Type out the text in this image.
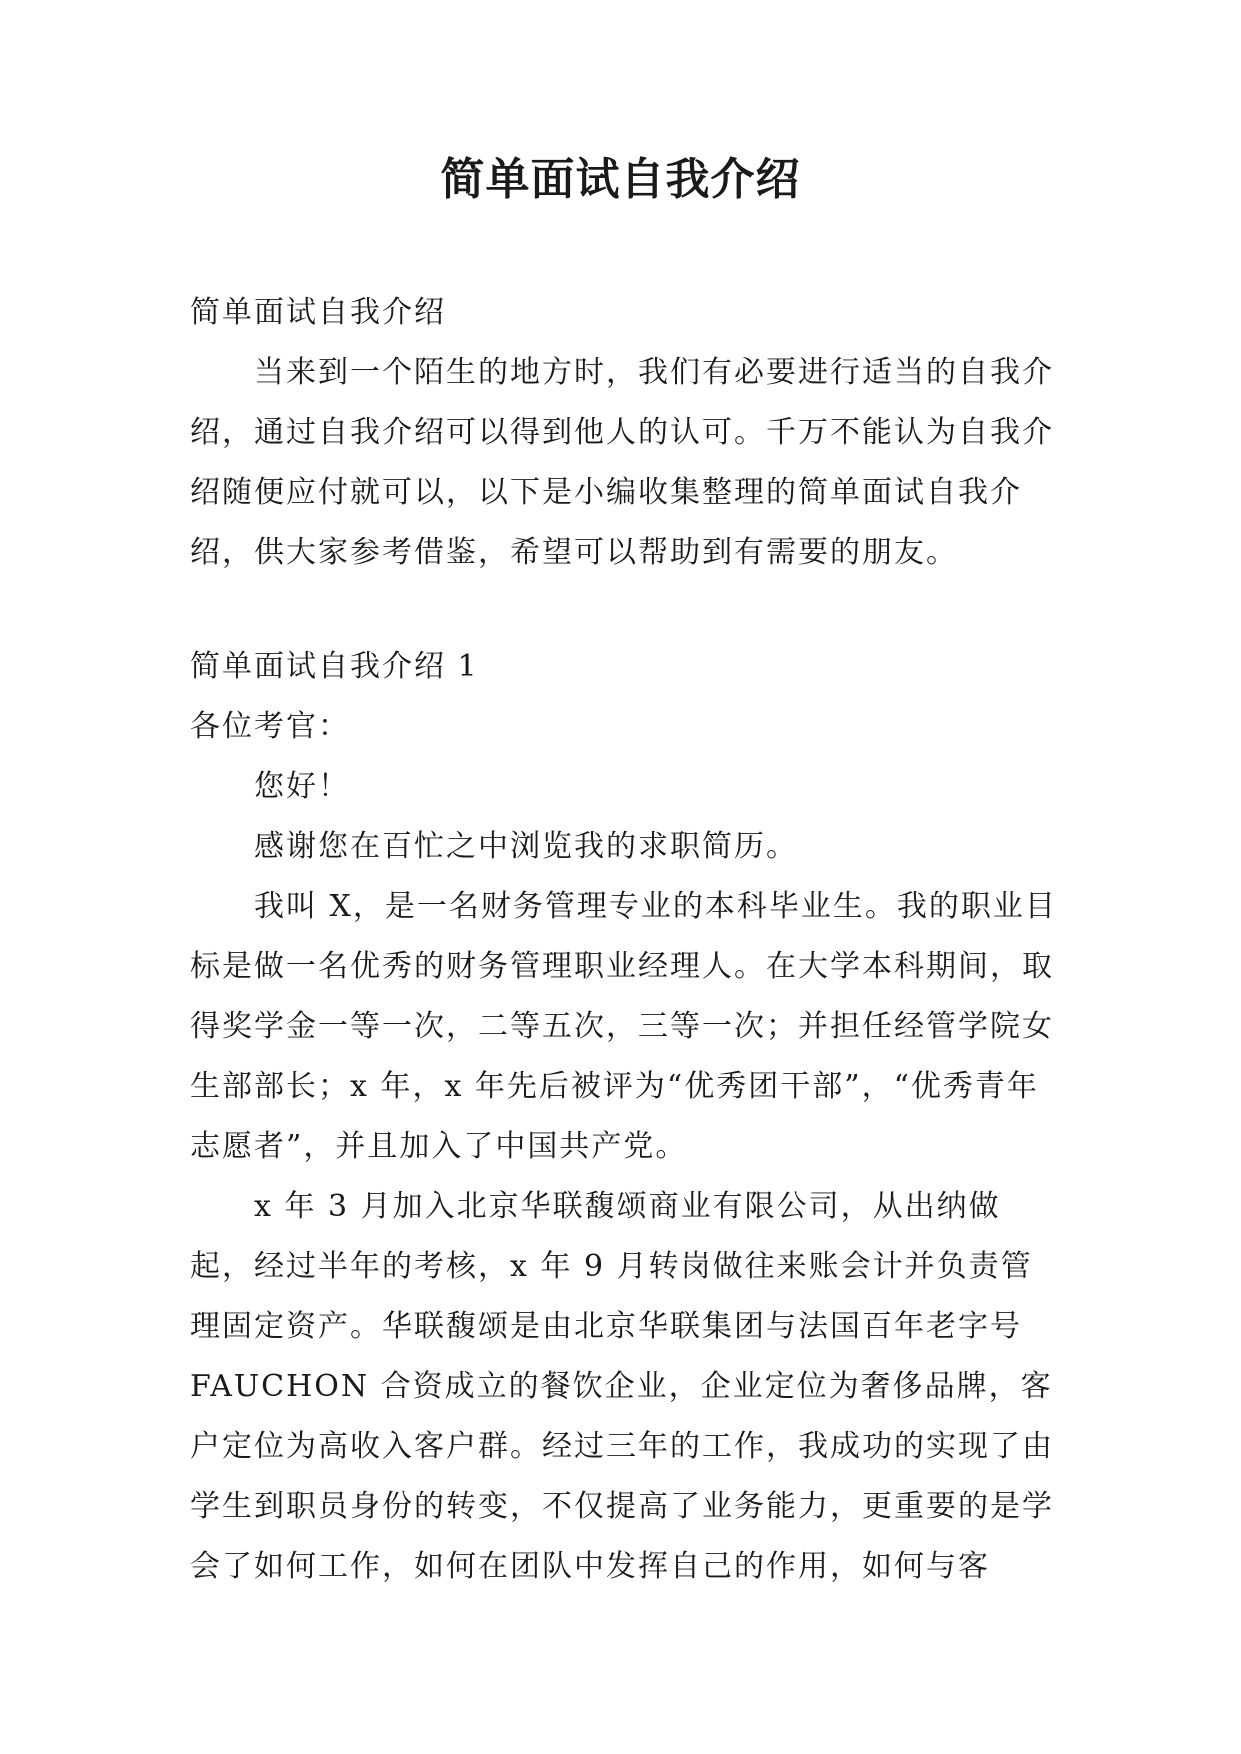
简单面试自我介绍

简单面试自我介绍

当来到一个陌生的地方时，我们有必要进行适当的自我介绍，通过自我介绍可以得到他人的认可。千万不能认为自我介绍随便应付就可以，以下是小编收集整理的简单面试自我介绍，供大家参考借鉴，希望可以帮助到有需要的朋友。

简单面试自我介绍 1

各位考官：

您好！

感谢您在百忙之中浏览我的求职简历。

我叫 X，是一名财务管理专业的本科毕业生。我的职业目标是做一名优秀的财务管理职业经理人。在大学本科期间，取得奖学金一等一次，二等五次，三等一次；并担任经管学院女生部部长；x 年，x 年先后被评为“优秀团干部”，“优秀青年志愿者”，并且加入了中国共产党。

x 年 3 月加入北京华联馥颂商业有限公司，从出纳做起，经过半年的考核，x 年 9 月转岗做往来账会计并负责管理固定资产。华联馥颂是由北京华联集团与法国百年老字号 FAUCHON 合资成立的餐饮企业，企业定位为奢侈品牌，客户定位为高收入客户群。经过三年的工作，我成功的实现了由学生到职员身份的转变，不仅提高了业务能力，更重要的是学会了如何工作，如何在团队中发挥自己的作用，如何与客
